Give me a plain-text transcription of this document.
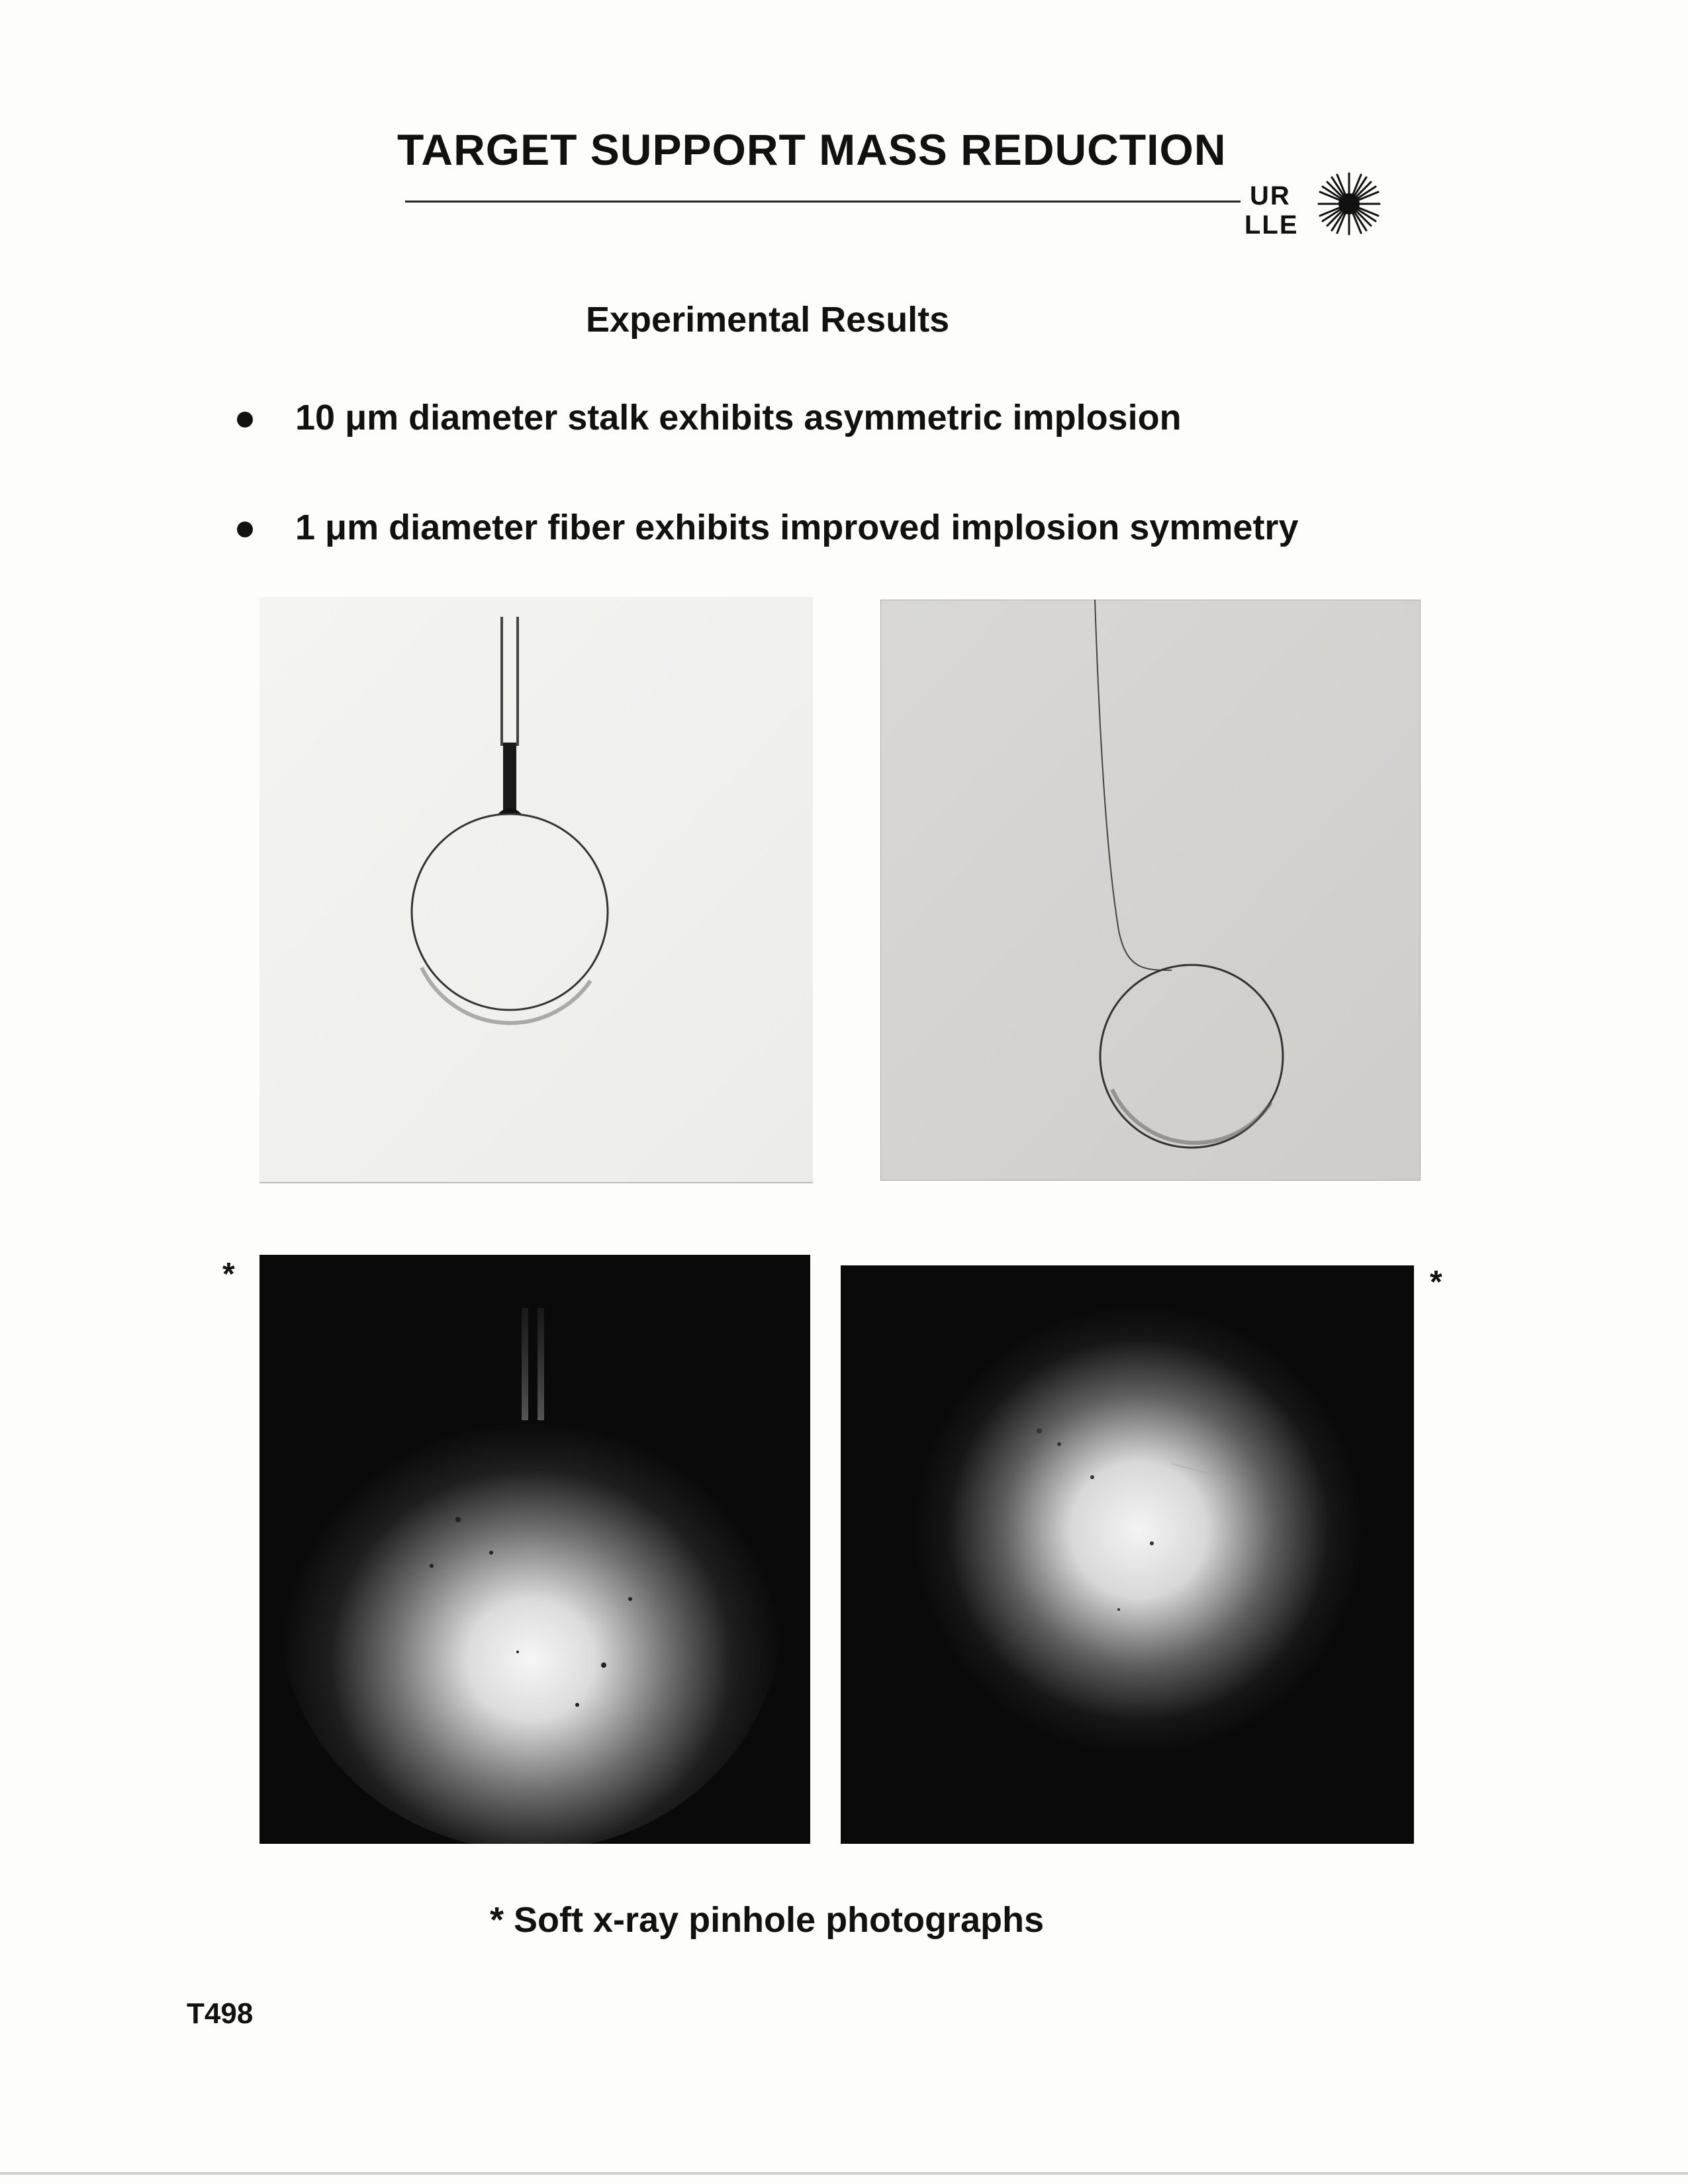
TARGET SUPPORT MASS REDUCTION
UR
LLE
Experimental Results
10 μm diameter stalk exhibits asymmetric implosion
1 μm diameter fiber exhibits improved implosion symmetry
*	*
* Soft x-ray pinhole photographs
T498
